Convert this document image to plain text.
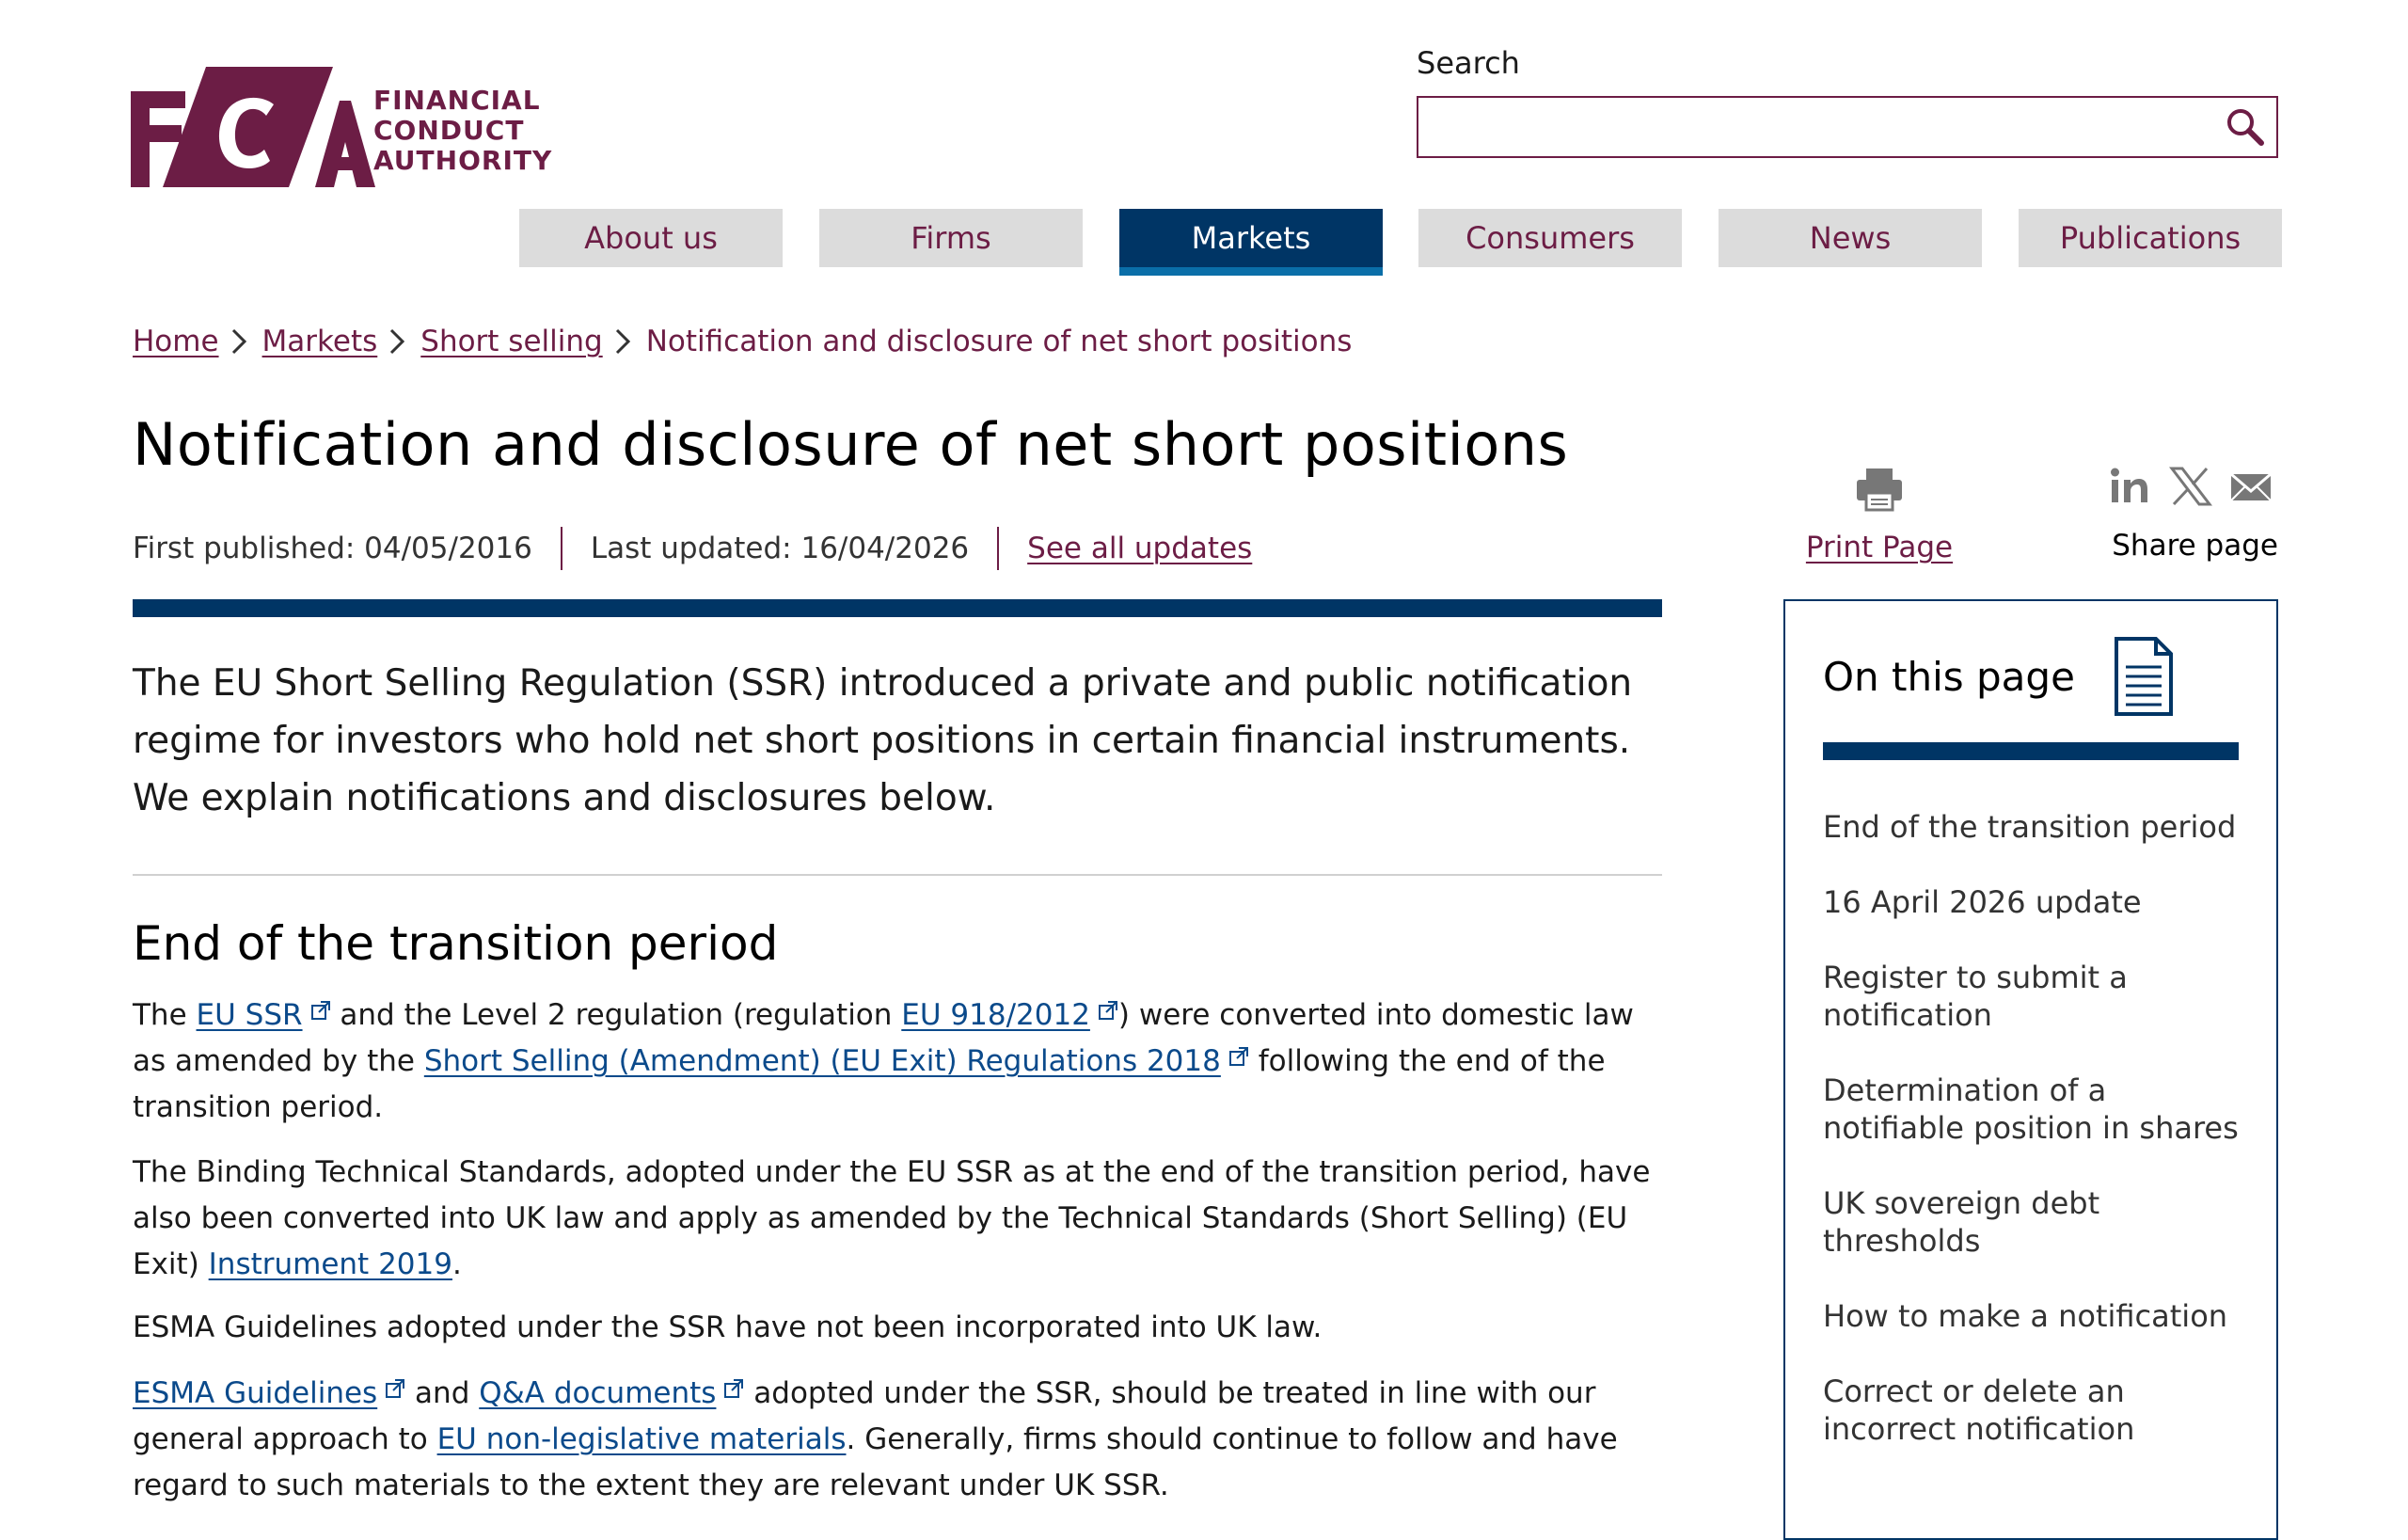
FINANCIAL
CONDUCT
AUTHORITY
Search
About us	Firms	Markets	Consumers	News	Publications
Home Markets Short selling Notification and disclosure of net short positions
Notification and disclosure of net short positions
First published: 04/05/2016 Last updated: 16/04/2026 See all updates

The EU Short Selling Regulation (SSR) introduced a private and public notification regime for investors who hold net short positions in certain financial instruments. We explain notifications and disclosures below.

End of the transition period

The EU SSR and the Level 2 regulation (regulation EU 918/2012 ) were converted into domestic law as amended by the Short Selling (Amendment) (EU Exit) Regulations 2018 following the end of the transition period.

The Binding Technical Standards, adopted under the EU SSR as at the end of the transition period, have also been converted into UK law and apply as amended by the Technical Standards (Short Selling) (EU Exit) Instrument 2019.

ESMA Guidelines adopted under the SSR have not been incorporated into UK law.

ESMA Guidelines and Q&A documents adopted under the SSR, should be treated in line with our general approach to EU non-legislative materials. Generally, firms should continue to follow and have regard to such materials to the extent they are relevant under UK SSR.

Print Page	Share page
On this page
End of the transition period
16 April 2026 update
Register to submit a notification
Determination of a notifiable position in shares
UK sovereign debt thresholds
How to make a notification
Correct or delete an incorrect notification
